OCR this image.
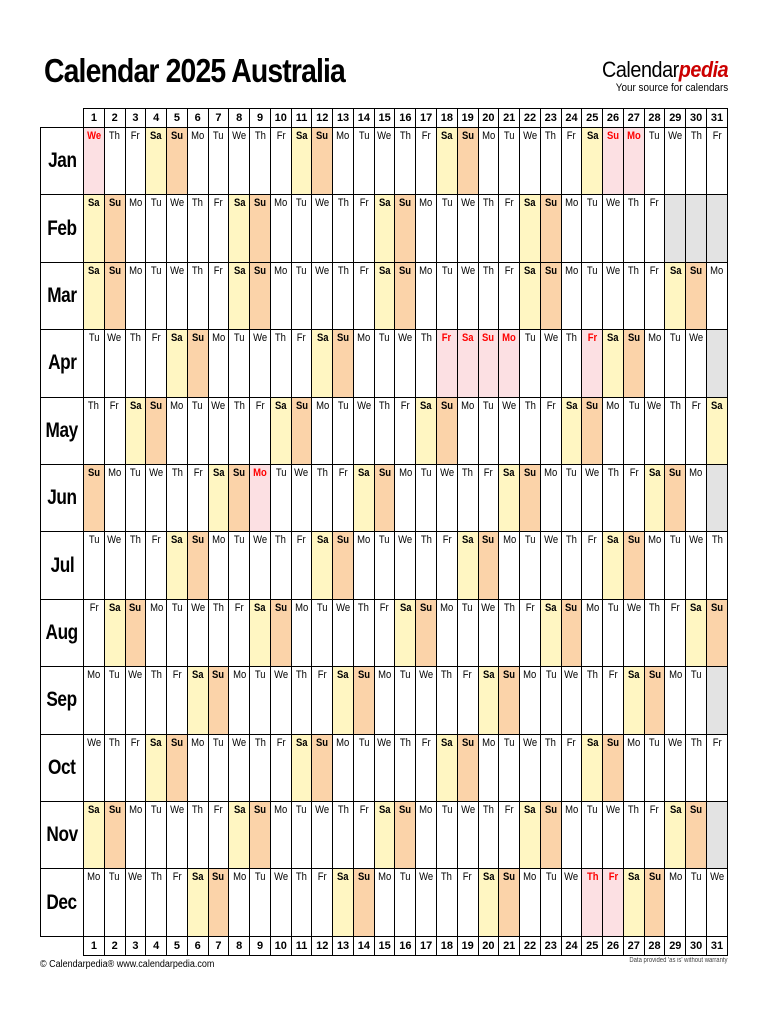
Calendar 2025 Australia	Calendarpedia
Your source for calendars
	1	2	3	4	5	6	7	8	9	10	11	12	13	14	15	16	17	18	19	20	21	22	23	24	25	26	27	28	29	30	31
Jan	We	Th	Fr	Sa	Su	Mo	Tu	We	Th	Fr	Sa	Su	Mo	Tu	We	Th	Fr	Sa	Su	Mo	Tu	We	Th	Fr	Sa	Su	Mo	Tu	We	Th	Fr
Feb	Sa	Su	Mo	Tu	We	Th	Fr	Sa	Su	Mo	Tu	We	Th	Fr	Sa	Su	Mo	Tu	We	Th	Fr	Sa	Su	Mo	Tu	We	Th	Fr			
Mar	Sa	Su	Mo	Tu	We	Th	Fr	Sa	Su	Mo	Tu	We	Th	Fr	Sa	Su	Mo	Tu	We	Th	Fr	Sa	Su	Mo	Tu	We	Th	Fr	Sa	Su	Mo
Apr	Tu	We	Th	Fr	Sa	Su	Mo	Tu	We	Th	Fr	Sa	Su	Mo	Tu	We	Th	Fr	Sa	Su	Mo	Tu	We	Th	Fr	Sa	Su	Mo	Tu	We	
May	Th	Fr	Sa	Su	Mo	Tu	We	Th	Fr	Sa	Su	Mo	Tu	We	Th	Fr	Sa	Su	Mo	Tu	We	Th	Fr	Sa	Su	Mo	Tu	We	Th	Fr	Sa
Jun	Su	Mo	Tu	We	Th	Fr	Sa	Su	Mo	Tu	We	Th	Fr	Sa	Su	Mo	Tu	We	Th	Fr	Sa	Su	Mo	Tu	We	Th	Fr	Sa	Su	Mo	
Jul	Tu	We	Th	Fr	Sa	Su	Mo	Tu	We	Th	Fr	Sa	Su	Mo	Tu	We	Th	Fr	Sa	Su	Mo	Tu	We	Th	Fr	Sa	Su	Mo	Tu	We	Th
Aug	Fr	Sa	Su	Mo	Tu	We	Th	Fr	Sa	Su	Mo	Tu	We	Th	Fr	Sa	Su	Mo	Tu	We	Th	Fr	Sa	Su	Mo	Tu	We	Th	Fr	Sa	Su
Sep	Mo	Tu	We	Th	Fr	Sa	Su	Mo	Tu	We	Th	Fr	Sa	Su	Mo	Tu	We	Th	Fr	Sa	Su	Mo	Tu	We	Th	Fr	Sa	Su	Mo	Tu	
Oct	We	Th	Fr	Sa	Su	Mo	Tu	We	Th	Fr	Sa	Su	Mo	Tu	We	Th	Fr	Sa	Su	Mo	Tu	We	Th	Fr	Sa	Su	Mo	Tu	We	Th	Fr
Nov	Sa	Su	Mo	Tu	We	Th	Fr	Sa	Su	Mo	Tu	We	Th	Fr	Sa	Su	Mo	Tu	We	Th	Fr	Sa	Su	Mo	Tu	We	Th	Fr	Sa	Su	
Dec	Mo	Tu	We	Th	Fr	Sa	Su	Mo	Tu	We	Th	Fr	Sa	Su	Mo	Tu	We	Th	Fr	Sa	Su	Mo	Tu	We	Th	Fr	Sa	Su	Mo	Tu	We
	1	2	3	4	5	6	7	8	9	10	11	12	13	14	15	16	17	18	19	20	21	22	23	24	25	26	27	28	29	30	31
© Calendarpedia® www.calendarpedia.com	Data provided 'as is' without warranty
